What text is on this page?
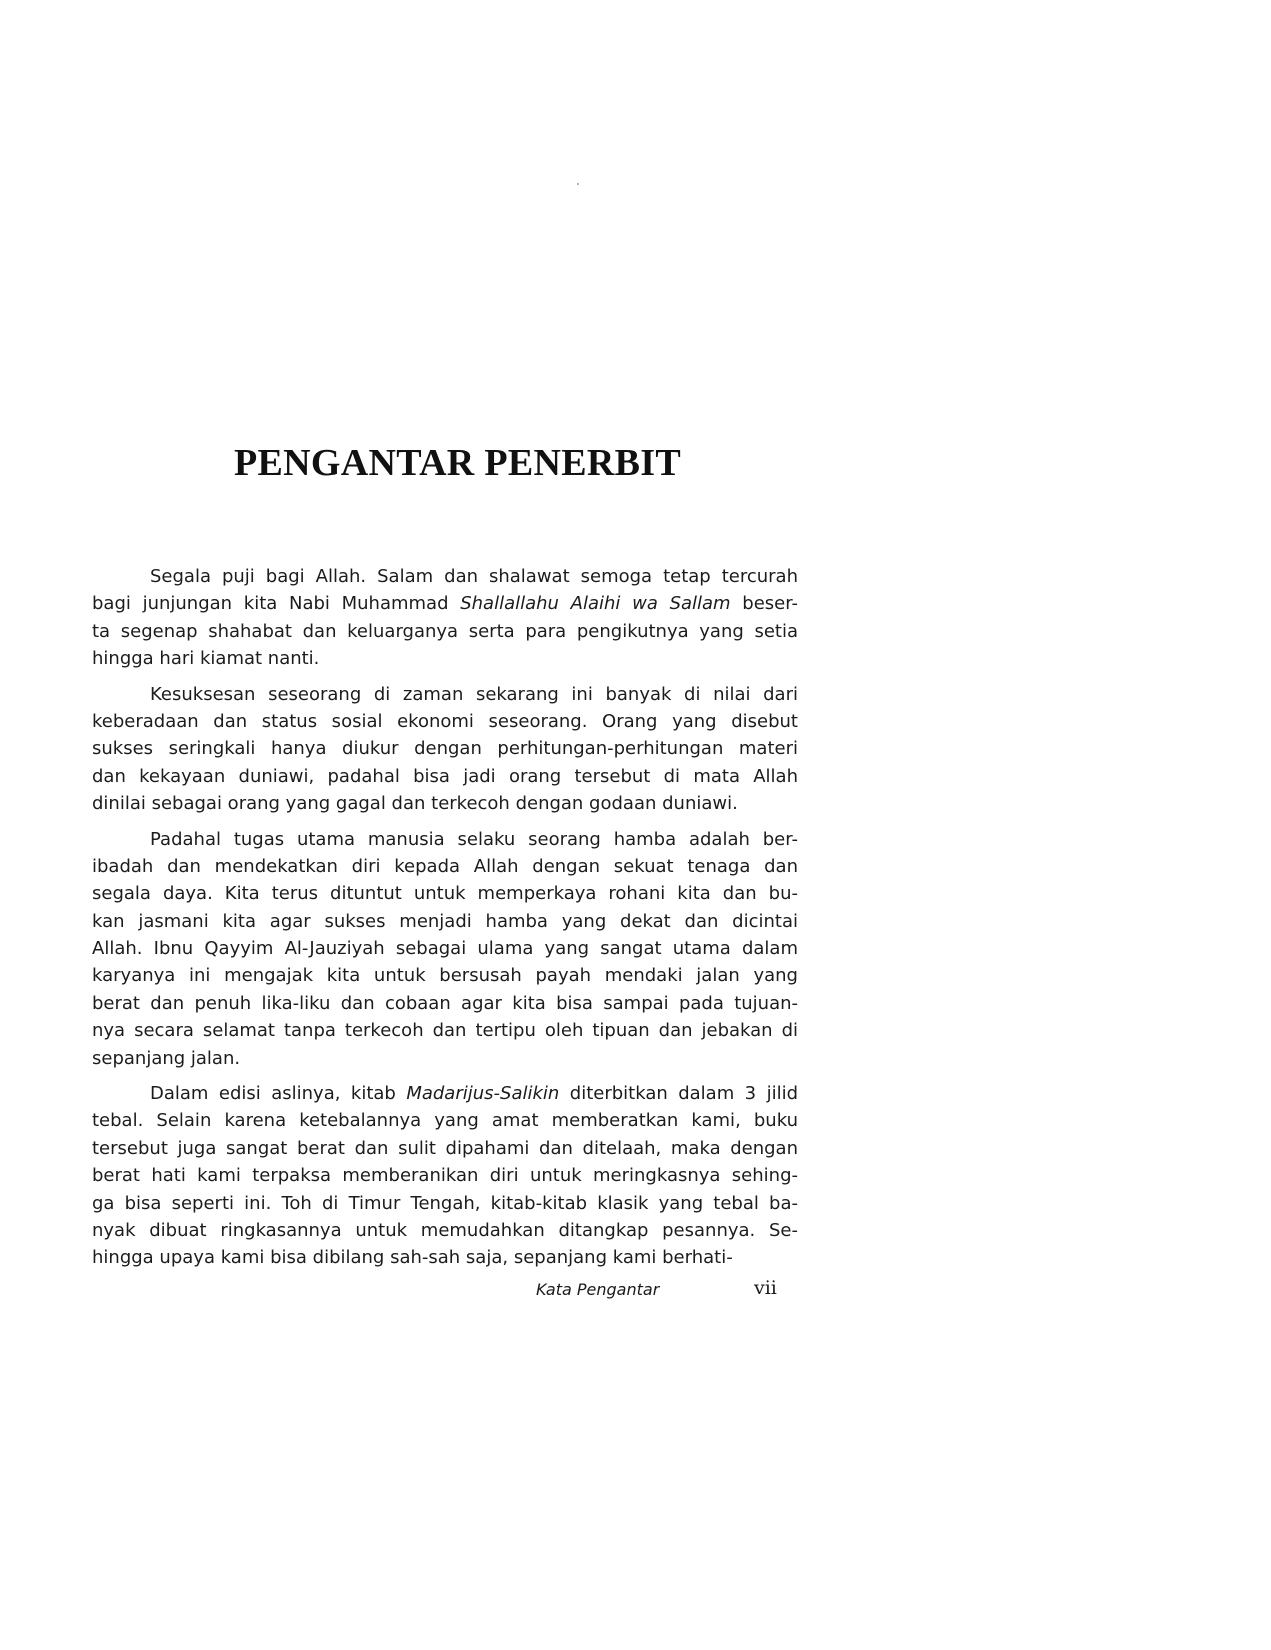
PENGANTAR PENERBIT
Segala puji bagi Allah. Salam dan shalawat semoga tetap tercurah
bagi junjungan kita Nabi Muhammad Shallallahu Alaihi wa Sallam beser-
ta segenap shahabat dan keluarganya serta para pengikutnya yang setia
hingga hari kiamat nanti.
Kesuksesan seseorang di zaman sekarang ini banyak di nilai dari
keberadaan dan status sosial ekonomi seseorang. Orang yang disebut
sukses seringkali hanya diukur dengan perhitungan-perhitungan materi
dan kekayaan duniawi, padahal bisa jadi orang tersebut di mata Allah
dinilai sebagai orang yang gagal dan terkecoh dengan godaan duniawi.
Padahal tugas utama manusia selaku seorang hamba adalah ber-
ibadah dan mendekatkan diri kepada Allah dengan sekuat tenaga dan
segala daya. Kita terus dituntut untuk memperkaya rohani kita dan bu-
kan jasmani kita agar sukses menjadi hamba yang dekat dan dicintai
Allah. Ibnu Qayyim Al-Jauziyah sebagai ulama yang sangat utama dalam
karyanya ini mengajak kita untuk bersusah payah mendaki jalan yang
berat dan penuh lika-liku dan cobaan agar kita bisa sampai pada tujuan-
nya secara selamat tanpa terkecoh dan tertipu oleh tipuan dan jebakan di
sepanjang jalan.
Dalam edisi aslinya, kitab Madarijus-Salikin diterbitkan dalam 3 jilid
tebal. Selain karena ketebalannya yang amat memberatkan kami, buku
tersebut juga sangat berat dan sulit dipahami dan ditelaah, maka dengan
berat hati kami terpaksa memberanikan diri untuk meringkasnya sehing-
ga bisa seperti ini. Toh di Timur Tengah, kitab-kitab klasik yang tebal ba-
nyak dibuat ringkasannya untuk memudahkan ditangkap pesannya. Se-
hingga upaya kami bisa dibilang sah-sah saja, sepanjang kami berhati-
Kata Pengantar	vii
